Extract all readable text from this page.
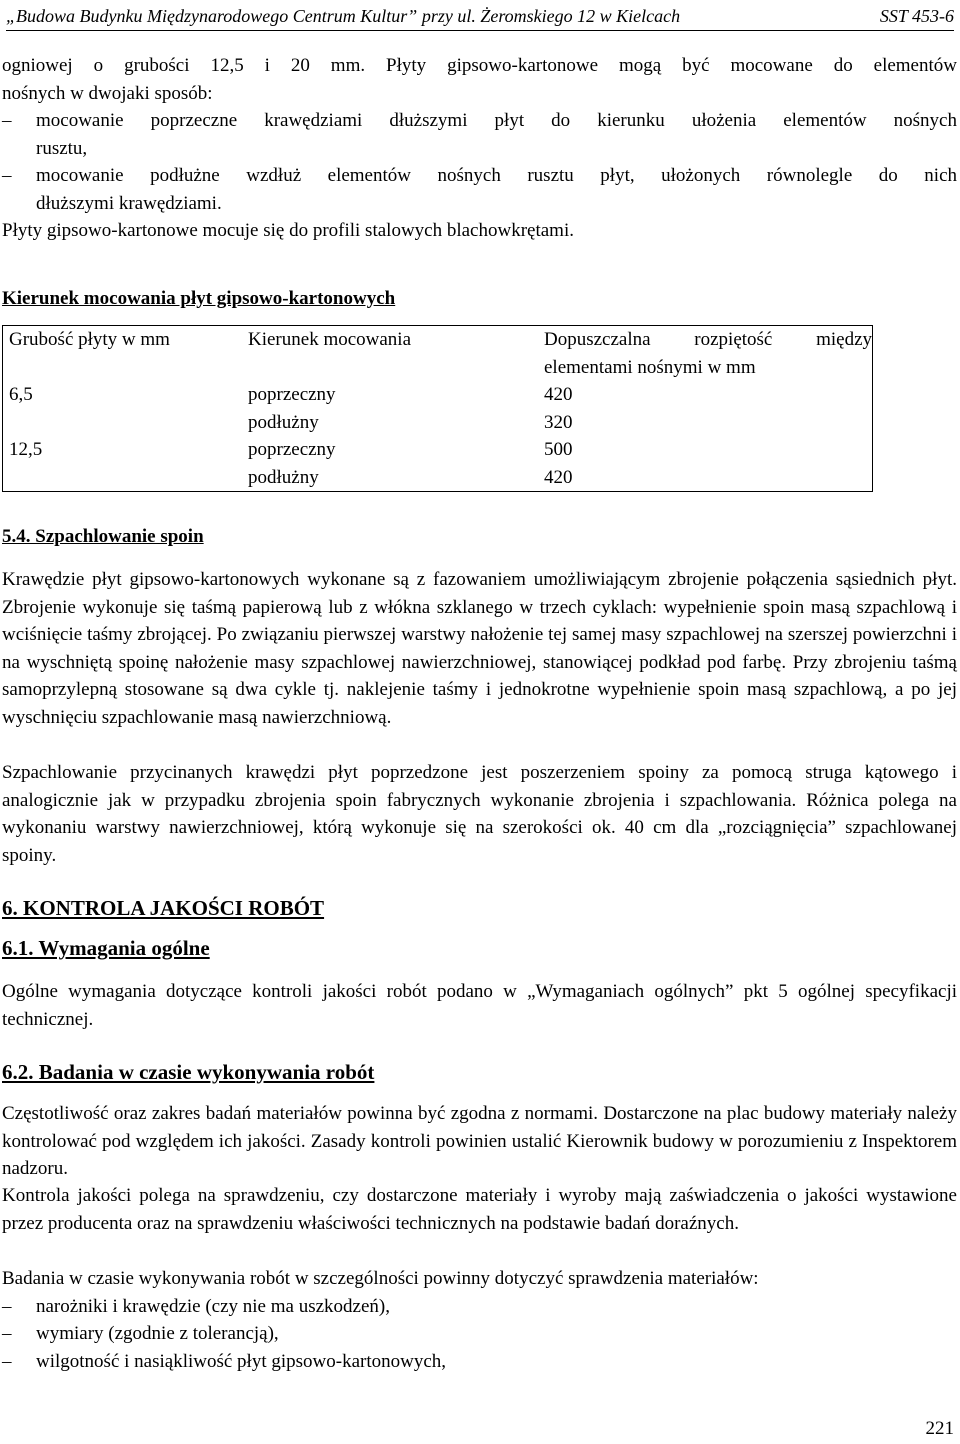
„Budowa Budynku Międzynarodowego Centrum Kultur” przy ul. Żeromskiego 12 w Kielcach	SST 453-6
ogniowej o grubości 12,5 i 20 mm. Płyty gipsowo-kartonowe mogą być mocowane do elementów
nośnych w dwojaki sposób:
– mocowanie poprzeczne krawędziami dłuższymi płyt do kierunku ułożenia elementów nośnych
rusztu,
– mocowanie podłużne wzdłuż elementów nośnych rusztu płyt, ułożonych równolegle do nich
dłuższymi krawędziami.
Płyty gipsowo-kartonowe mocuje się do profili stalowych blachowkrętami.
Kierunek mocowania płyt gipsowo-kartonowych
Grubość płyty w mm	Kierunek mocowania	Dopuszczalna rozpiętość między
elementami nośnymi w mm

6,5	poprzeczny	420
	podłużny	320
12,5	poprzeczny	500
	podłużny	420
5.4. Szpachlowanie spoin
Krawędzie płyt gipsowo-kartonowych wykonane są z fazowaniem umożliwiającym zbrojenie połączenia sąsiednich płyt. Zbrojenie wykonuje się taśmą papierową lub z włókna szklanego w trzech cyklach: wypełnienie spoin masą szpachlową i wciśnięcie taśmy zbrojącej. Po związaniu pierwszej warstwy nałożenie tej samej masy szpachlowej na szerszej powierzchni i na wyschniętą spoinę nałożenie masy szpachlowej nawierzchniowej, stanowiącej podkład pod farbę. Przy zbrojeniu taśmą samoprzylepną stosowane są dwa cykle tj. naklejenie taśmy i jednokrotne wypełnienie spoin masą szpachlową, a po jej wyschnięciu szpachlowanie masą nawierzchniową.
Szpachlowanie przycinanych krawędzi płyt poprzedzone jest poszerzeniem spoiny za pomocą struga kątowego i analogicznie jak w przypadku zbrojenia spoin fabrycznych wykonanie zbrojenia i szpachlowania. Różnica polega na wykonaniu warstwy nawierzchniowej, którą wykonuje się na szerokości ok. 40 cm dla „rozciągnięcia” szpachlowanej spoiny.
6. KONTROLA JAKOŚCI ROBÓT
6.1. Wymagania ogólne
Ogólne wymagania dotyczące kontroli jakości robót podano w „Wymaganiach ogólnych” pkt 5 ogólnej specyfikacji technicznej.
6.2. Badania w czasie wykonywania robót
Częstotliwość oraz zakres badań materiałów powinna być zgodna z normami. Dostarczone na plac budowy materiały należy kontrolować pod względem ich jakości. Zasady kontroli powinien ustalić Kierownik budowy w porozumieniu z Inspektorem nadzoru.
Kontrola jakości polega na sprawdzeniu, czy dostarczone materiały i wyroby mają zaświadczenia o jakości wystawione przez producenta oraz na sprawdzeniu właściwości technicznych na podstawie badań doraźnych.
Badania w czasie wykonywania robót w szczególności powinny dotyczyć sprawdzenia materiałów:
– narożniki i krawędzie (czy nie ma uszkodzeń),
– wymiary (zgodnie z tolerancją),
– wilgotność i nasiąkliwość płyt gipsowo-kartonowych,
221
